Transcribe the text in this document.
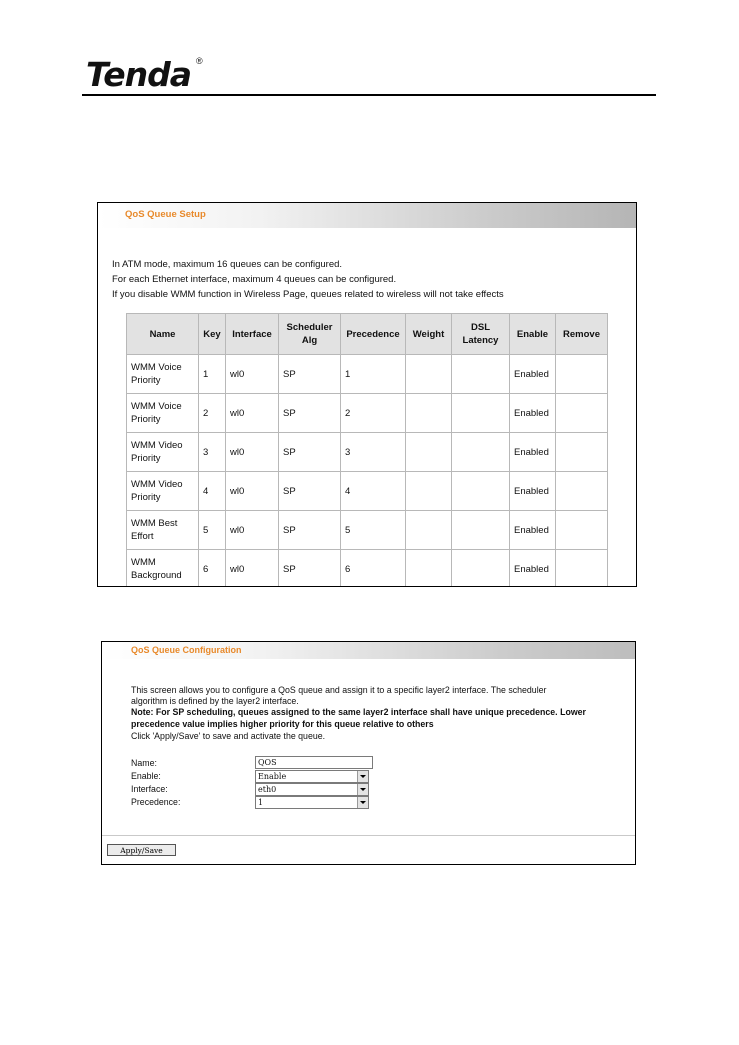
Tenda ®
QoS Queue Setup
In ATM mode, maximum 16 queues can be configured.
For each Ethernet interface, maximum 4 queues can be configured.
If you disable WMM function in Wireless Page, queues related to wireless will not take effects
Name	Key	Interface	Scheduler Alg	Precedence	Weight	DSL Latency	Enable	Remove
WMM Voice Priority	1	wl0	SP	1			Enabled	
WMM Voice Priority	2	wl0	SP	2			Enabled	
WMM Video Priority	3	wl0	SP	3			Enabled	
WMM Video Priority	4	wl0	SP	4			Enabled	
WMM Best Effort	5	wl0	SP	5			Enabled	
WMM Background	6	wl0	SP	6			Enabled	
QoS Queue Configuration
This screen allows you to configure a QoS queue and assign it to a specific layer2 interface. The scheduler
algorithm is defined by the layer2 interface.
Note: For SP scheduling, queues assigned to the same layer2 interface shall have unique precedence. Lower
precedence value implies higher priority for this queue relative to others
Click 'Apply/Save' to save and activate the queue.
Name:	QOS
Enable:	Enable
Interface:	eth0
Precedence:	1
Apply/Save
